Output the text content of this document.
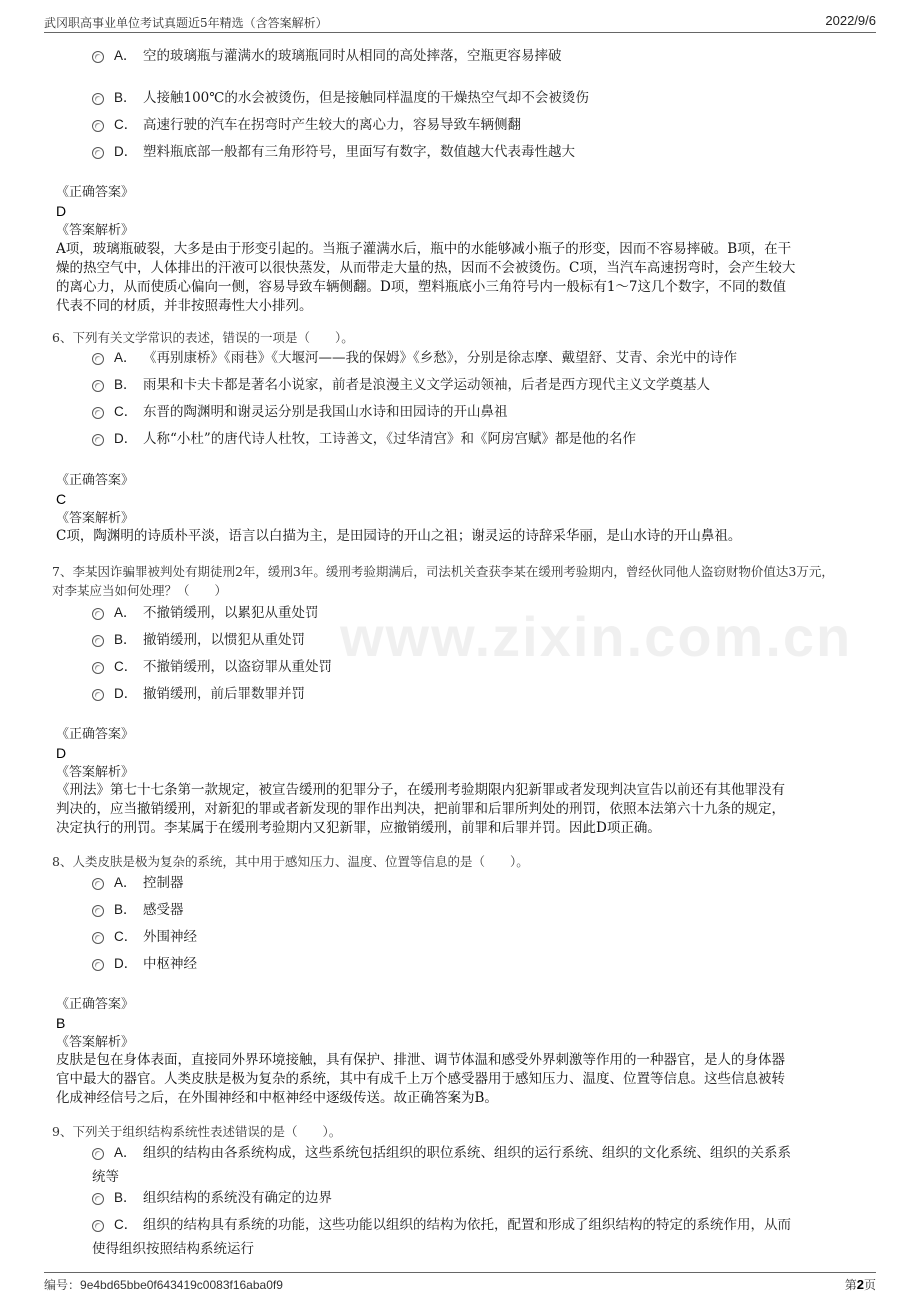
武冈职高事业单位考试真题近5年精选（含答案解析）	2022/9/6
www.zixin.com.cn
A． 空的玻璃瓶与灌满水的玻璃瓶同时从相同的高处摔落，空瓶更容易摔破
B． 人接触100℃的水会被烫伤，但是接触同样温度的干燥热空气却不会被烫伤
C． 高速行驶的汽车在拐弯时产生较大的离心力，容易导致车辆侧翻
D． 塑料瓶底部一般都有三角形符号，里面写有数字，数值越大代表毒性越大
《正确答案》
D
《答案解析》
A项，玻璃瓶破裂，大多是由于形变引起的。当瓶子灌满水后，瓶中的水能够减小瓶子的形变，因而不容易摔破。B项，在干
燥的热空气中，人体排出的汗液可以很快蒸发，从而带走大量的热，因而不会被烫伤。C项，当汽车高速拐弯时，会产生较大
的离心力，从而使质心偏向一侧，容易导致车辆侧翻。D项，塑料瓶底小三角符号内一般标有1～7这几个数字，不同的数值
代表不同的材质，并非按照毒性大小排列。
6、下列有关文学常识的表述，错误的一项是（　　）。
A． 《再别康桥》《雨巷》《大堰河——我的保姆》《乡愁》，分别是徐志摩、戴望舒、艾青、余光中的诗作
B． 雨果和卡夫卡都是著名小说家，前者是浪漫主义文学运动领袖，后者是西方现代主义文学奠基人
C． 东晋的陶渊明和谢灵运分别是我国山水诗和田园诗的开山鼻祖
D． 人称“小杜”的唐代诗人杜牧，工诗善文，《过华清宫》和《阿房宫赋》都是他的名作
《正确答案》
C
《答案解析》
C项，陶渊明的诗质朴平淡，语言以白描为主，是田园诗的开山之祖；谢灵运的诗辞采华丽，是山水诗的开山鼻祖。
7、李某因诈骗罪被判处有期徒刑2年，缓刑3年。缓刑考验期满后，司法机关查获李某在缓刑考验期内，曾经伙同他人盗窃财物价值达3万元，
对李某应当如何处理？（　　）
A． 不撤销缓刑，以累犯从重处罚
B． 撤销缓刑，以惯犯从重处罚
C． 不撤销缓刑，以盗窃罪从重处罚
D． 撤销缓刑，前后罪数罪并罚
《正确答案》
D
《答案解析》
《刑法》第七十七条第一款规定，被宣告缓刑的犯罪分子，在缓刑考验期限内犯新罪或者发现判决宣告以前还有其他罪没有
判决的，应当撤销缓刑，对新犯的罪或者新发现的罪作出判决，把前罪和后罪所判处的刑罚，依照本法第六十九条的规定，
决定执行的刑罚。李某属于在缓刑考验期内又犯新罪，应撤销缓刑，前罪和后罪并罚。因此D项正确。
8、人类皮肤是极为复杂的系统，其中用于感知压力、温度、位置等信息的是（　　）。
A． 控制器
B． 感受器
C． 外围神经
D． 中枢神经
《正确答案》
B
《答案解析》
皮肤是包在身体表面，直接同外界环境接触，具有保护、排泄、调节体温和感受外界刺激等作用的一种器官，是人的身体器
官中最大的器官。人类皮肤是极为复杂的系统，其中有成千上万个感受器用于感知压力、温度、位置等信息。这些信息被转
化成神经信号之后，在外围神经和中枢神经中逐级传送。故正确答案为B。
9、下列关于组织结构系统性表述错误的是（　　）。
A． 组织的结构由各系统构成，这些系统包括组织的职位系统、组织的运行系统、组织的文化系统、组织的关系系
统等
B． 组织结构的系统没有确定的边界
C． 组织的结构具有系统的功能，这些功能以组织的结构为依托，配置和形成了组织结构的特定的系统作用，从而
使得组织按照结构系统运行
编号：9e4bd65bbe0f643419c0083f16aba0f9	第2页
